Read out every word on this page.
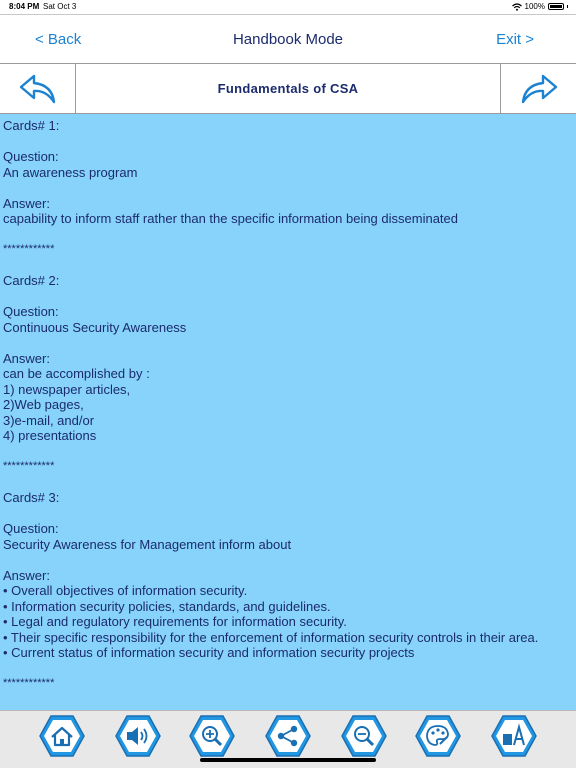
8:04 PM Sat Oct 3	100%
< Back	Handbook Mode	Exit >
Fundamentals of CSA
Cards# 1:
Question:
An awareness program
Answer:
capability to inform staff rather than the specific information being disseminated
************
Cards# 2:
Question:
Continuous Security Awareness
Answer:
can be accomplished by :
1) newspaper articles,
2)Web pages,
3)e-mail, and/or
4) presentations
************
Cards# 3:
Question:
Security Awareness for Management inform about
Answer:
• Overall objectives of information security.
• Information security policies, standards, and guidelines.
• Legal and regulatory requirements for information security.
• Their specific responsibility for the enforcement of information security controls in their area.
• Current status of information security and information security projects
************
